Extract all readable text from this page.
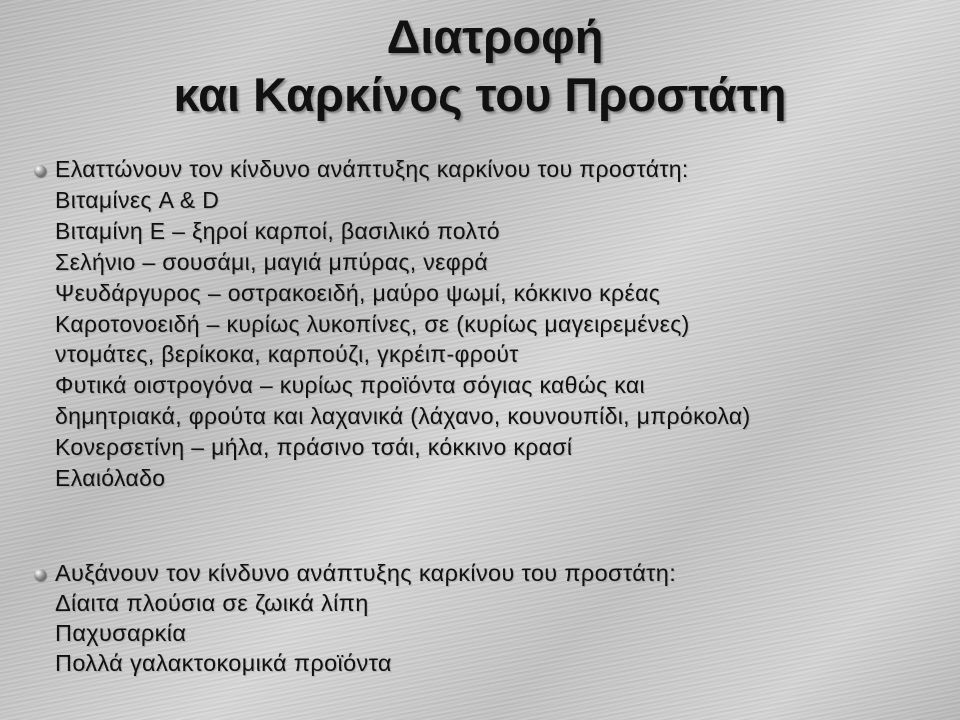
Διατροφή
και Καρκίνος του Προστάτη
Ελαττώνουν τον κίνδυνο ανάπτυξης καρκίνου του προστάτη:
Βιταμίνες A & D
Βιταμίνη Ε – ξηροί καρποί, βασιλικό πολτό
Σελήνιο – σουσάμι, μαγιά μπύρας, νεφρά
Ψευδάργυρος – οστρακοειδή, μαύρο ψωμί, κόκκινο κρέας
Καροτονοειδή – κυρίως λυκοπίνες, σε (κυρίως μαγειρεμένες)
ντομάτες, βερίκοκα, καρπούζι, γκρέιπ-φρούτ
Φυτικά οιστρογόνα – κυρίως προϊόντα σόγιας καθώς και
δημητριακά, φρούτα και λαχανικά (λάχανο, κουνουπίδι, μπρόκολα)
Κονερσετίνη – μήλα, πράσινο τσάι, κόκκινο κρασί
Ελαιόλαδο
Αυξάνουν τον κίνδυνο ανάπτυξης καρκίνου του προστάτη:
Δίαιτα πλούσια σε ζωικά λίπη
Παχυσαρκία
Πολλά γαλακτοκομικά προϊόντα
